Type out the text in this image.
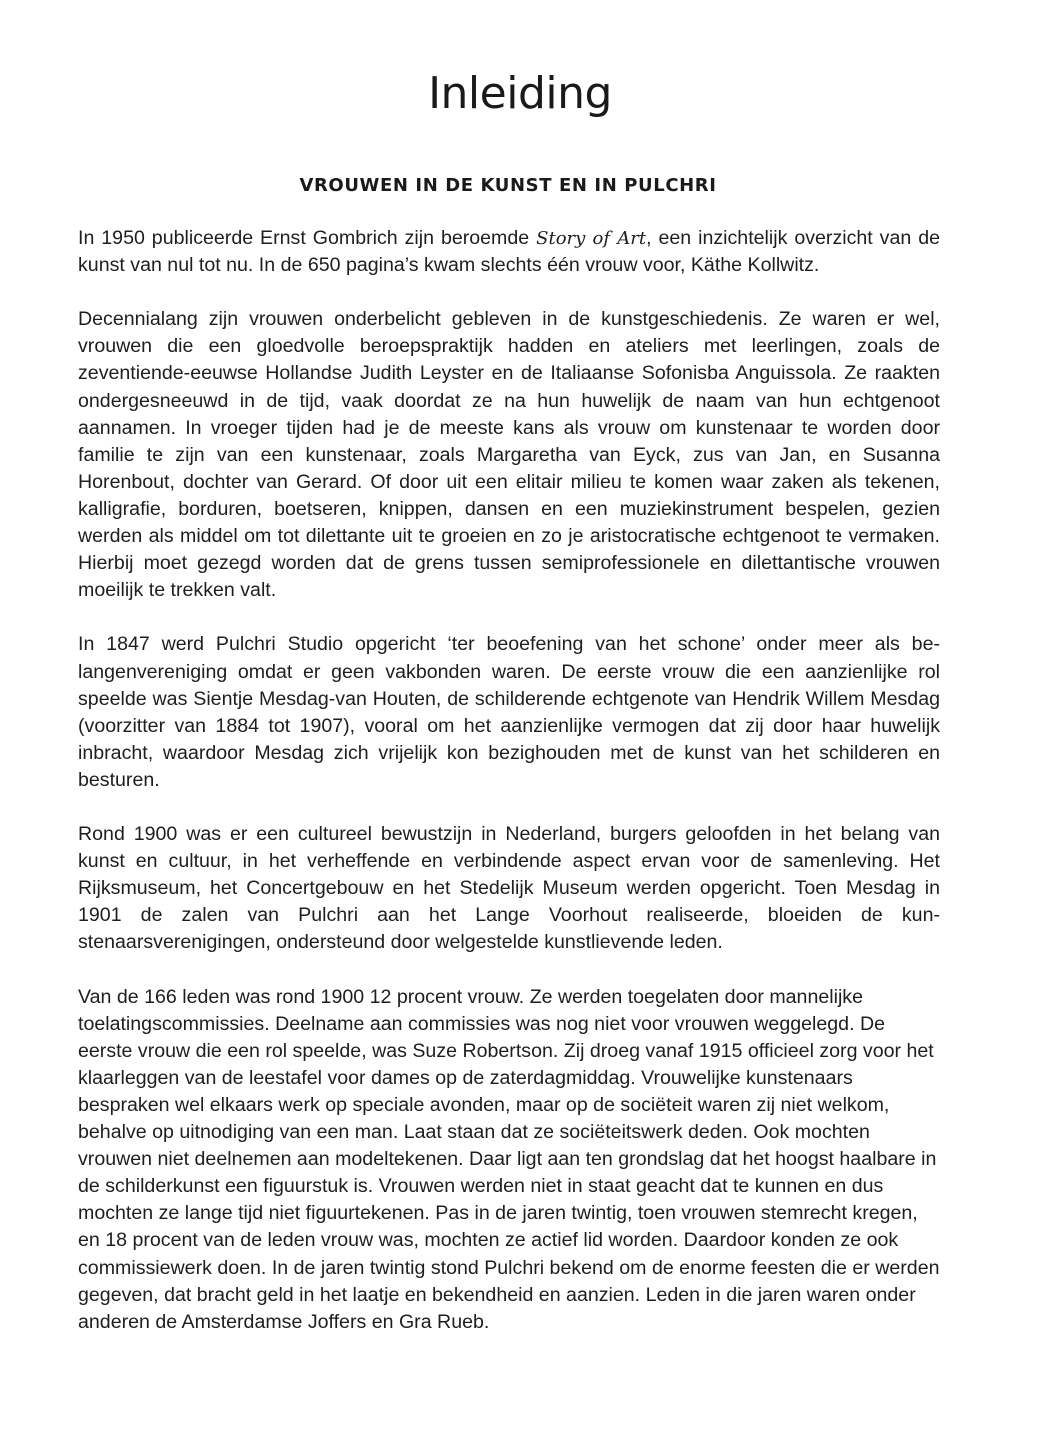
Inleiding
VROUWEN IN DE KUNST EN IN PULCHRI

In 1950 publiceerde Ernst Gombrich zijn beroemde Story of Art, een inzichtelijk overzicht van de kunst van nul tot nu. In de 650 pagina’s kwam slechts één vrouw voor, Käthe Kollwitz.

Decennialang zijn vrouwen onderbelicht gebleven in de kunstgeschiedenis. Ze waren er wel, vrouwen die een gloedvolle beroepspraktijk hadden en ateliers met leerlingen, zoals de zeventiende-eeuwse Hollandse Judith Leyster en de Italiaanse Sofonisba Anguissola. Ze raakten ondergesneeuwd in de tijd, vaak doordat ze na hun huwelijk de naam van hun echtgenoot aannamen. In vroeger tijden had je de meeste kans als vrouw om kunstenaar te worden door familie te zijn van een kunstenaar, zoals Margaretha van Eyck, zus van Jan, en Susanna Horenbout, dochter van Gerard. Of door uit een elitair milieu te komen waar zaken als tekenen, kalligrafie, borduren, boetseren, knippen, dansen en een muziekinstrument bespelen, gezien werden als middel om tot dilettante uit te groeien en zo je aristocratische echtgenoot te vermaken. Hierbij moet gezegd worden dat de grens tussen semiprofessionele en dilettantische vrouwen moeilijk te trekken valt.

In 1847 werd Pulchri Studio opgericht ‘ter beoefening van het schone’ onder meer als belangenvereniging omdat er geen vakbonden waren. De eerste vrouw die een aanzienlijke rol speelde was Sientje Mesdag-van Houten, de schilderende echtgenote van Hendrik Willem Mesdag (voorzitter van 1884 tot 1907), vooral om het aanzienlijke vermogen dat zij door haar huwelijk inbracht, waardoor Mesdag zich vrijelijk kon bezighouden met de kunst van het schilderen en besturen.

Rond 1900 was er een cultureel bewustzijn in Nederland, burgers geloofden in het belang van kunst en cultuur, in het verheffende en verbindende aspect ervan voor de samenleving. Het Rijksmuseum, het Concertgebouw en het Stedelijk Museum werden opgericht. Toen Mesdag in 1901 de zalen van Pulchri aan het Lange Voorhout realiseerde, bloeiden de kunstenaarsverenigingen, ondersteund door welgestelde kunstlievende leden.

Van de 166 leden was rond 1900 12 procent vrouw. Ze werden toegelaten door mannelijke toelatingscommissies. Deelname aan commissies was nog niet voor vrouwen weggelegd. De eerste vrouw die een rol speelde, was Suze Robertson. Zij droeg vanaf 1915 officieel zorg voor het klaarleggen van de leestafel voor dames op de zaterdagmiddag. Vrouwelijke kunstenaars bespraken wel elkaars werk op speciale avonden, maar op de sociëteit waren zij niet welkom, behalve op uitnodiging van een man. Laat staan dat ze sociëteitswerk deden. Ook mochten vrouwen niet deelnemen aan modeltekenen. Daar ligt aan ten grondslag dat het hoogst haalbare in de schilderkunst een figuurstuk is. Vrouwen werden niet in staat geacht dat te kunnen en dus mochten ze lange tijd niet figuurtekenen. Pas in de jaren twintig, toen vrouwen stemrecht kregen, en 18 procent van de leden vrouw was, mochten ze actief lid worden. Daardoor konden ze ook commissiewerk doen. In de jaren twintig stond Pulchri bekend om de enorme feesten die er werden gegeven, dat bracht geld in het laatje en bekendheid en aanzien. Leden in die jaren waren onder anderen de Amsterdamse Joffers en Gra Rueb.
